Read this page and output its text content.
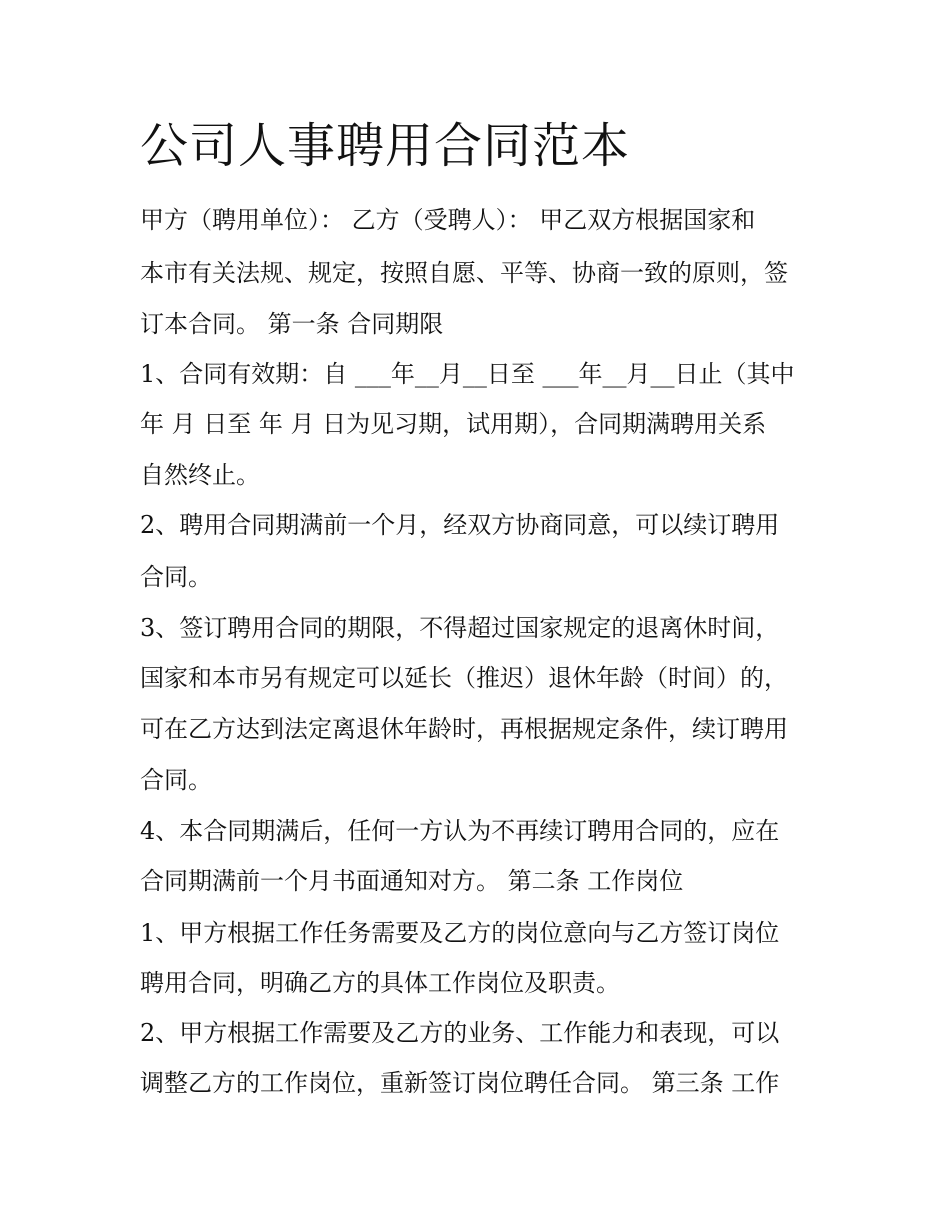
公司人事聘用合同范本

甲方（聘用单位）： 乙方（受聘人）： 甲乙双方根据国家和

本市有关法规、规定，按照自愿、平等、协商一致的原则，签

订本合同。 第一条 合同期限

1、合同有效期：自 ___年__月__日至 ___年__月__日止（其中

年 月 日至 年 月 日为见习期，试用期），合同期满聘用关系

自然终止。

2、聘用合同期满前一个月，经双方协商同意，可以续订聘用

合同。

3、签订聘用合同的期限，不得超过国家规定的退离休时间，

国家和本市另有规定可以延长（推迟）退休年龄（时间）的，

可在乙方达到法定离退休年龄时，再根据规定条件，续订聘用

合同。

4、本合同期满后，任何一方认为不再续订聘用合同的，应在

合同期满前一个月书面通知对方。 第二条 工作岗位

1、甲方根据工作任务需要及乙方的岗位意向与乙方签订岗位

聘用合同，明确乙方的具体工作岗位及职责。

2、甲方根据工作需要及乙方的业务、工作能力和表现，可以

调整乙方的工作岗位，重新签订岗位聘任合同。 第三条 工作
